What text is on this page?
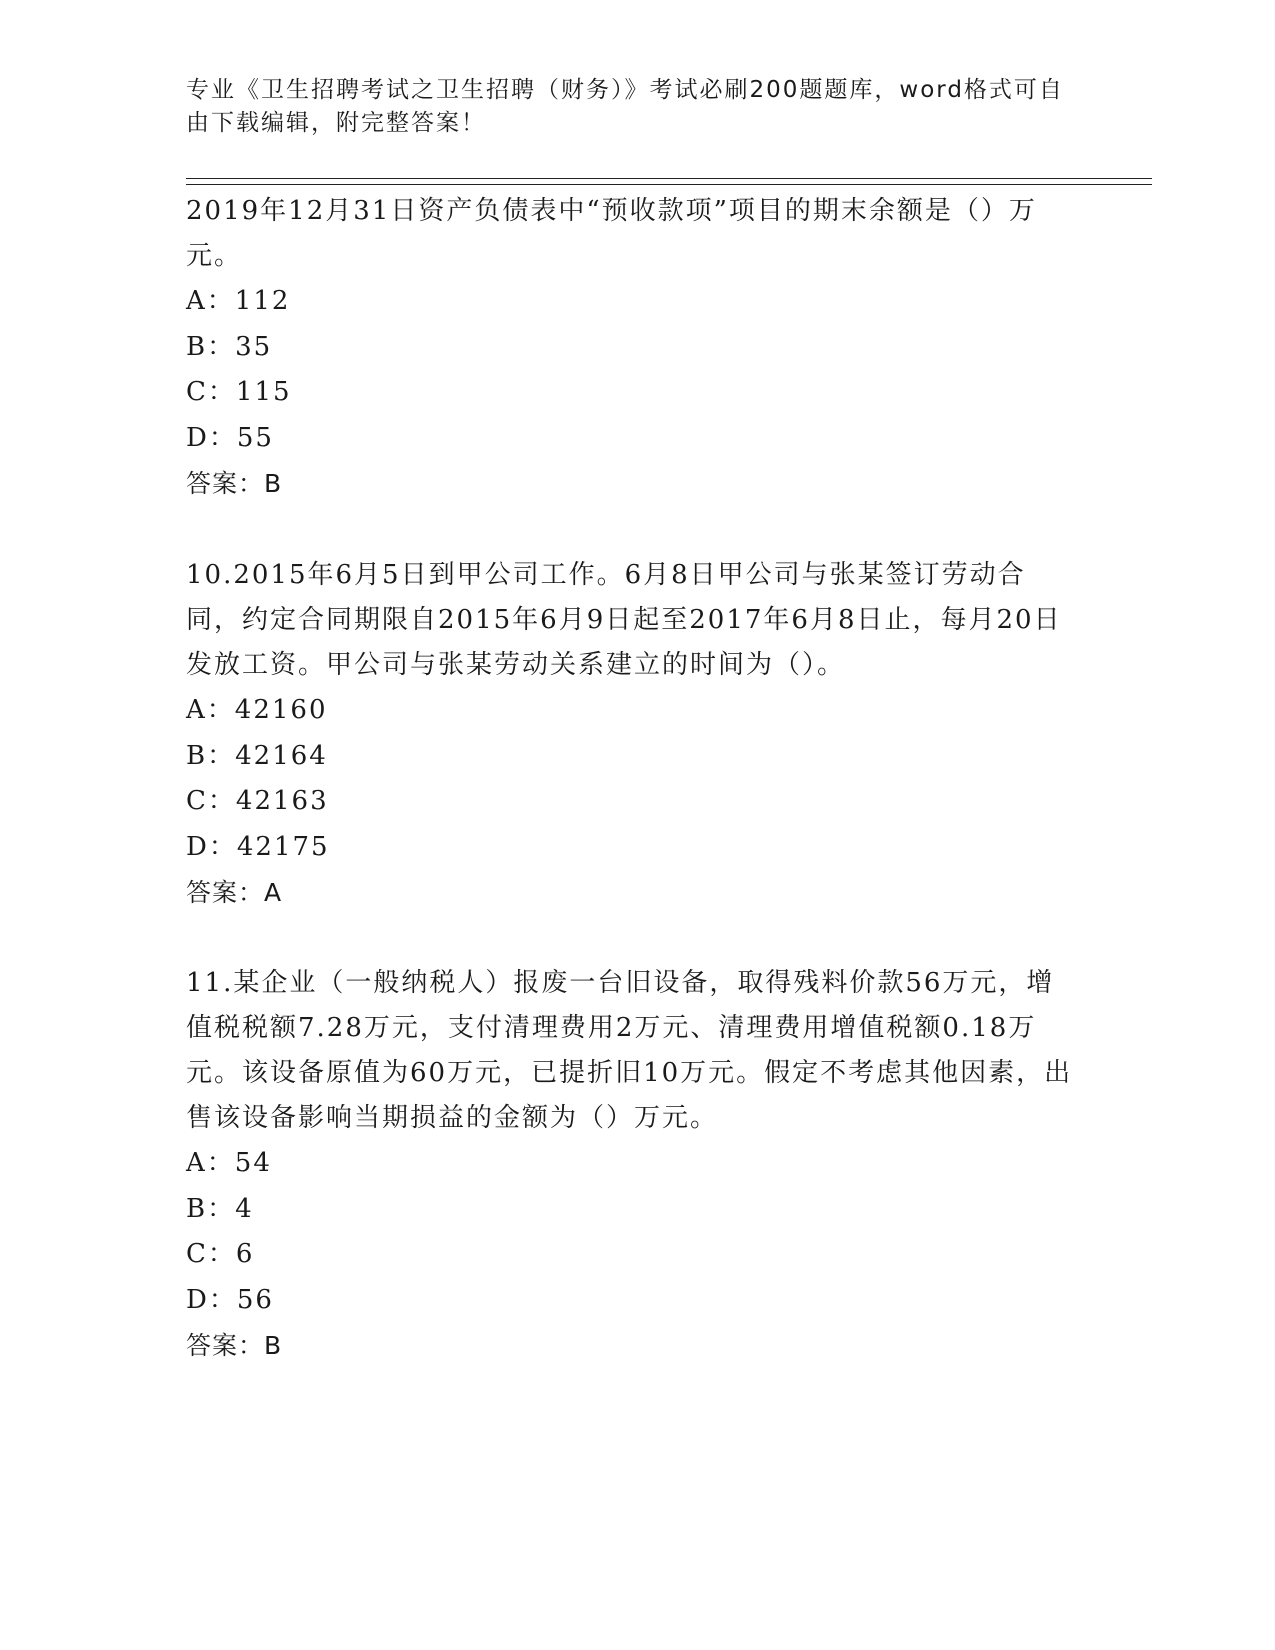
专业《卫生招聘考试之卫生招聘（财务）》考试必刷200题题库，word格式可自由下载编辑，附完整答案！

2019年12月31日资产负债表中“预收款项”项目的期末余额是（）万元。

A：112
B：35
C：115
D：55
答案：B

10.2015年6月5日到甲公司工作。6月8日甲公司与张某签订劳动合同，约定合同期限自2015年6月9日起至2017年6月8日止，每月20日发放工资。甲公司与张某劳动关系建立的时间为（）。

A：42160
B：42164
C：42163
D：42175
答案：A

11.某企业（一般纳税人）报废一台旧设备，取得残料价款56万元，增值税税额7.28万元，支付清理费用2万元、清理费用增值税额0.18万元。该设备原值为60万元，已提折旧10万元。假定不考虑其他因素，出售该设备影响当期损益的金额为（）万元。

A：54
B：4
C：6
D：56
答案：B
